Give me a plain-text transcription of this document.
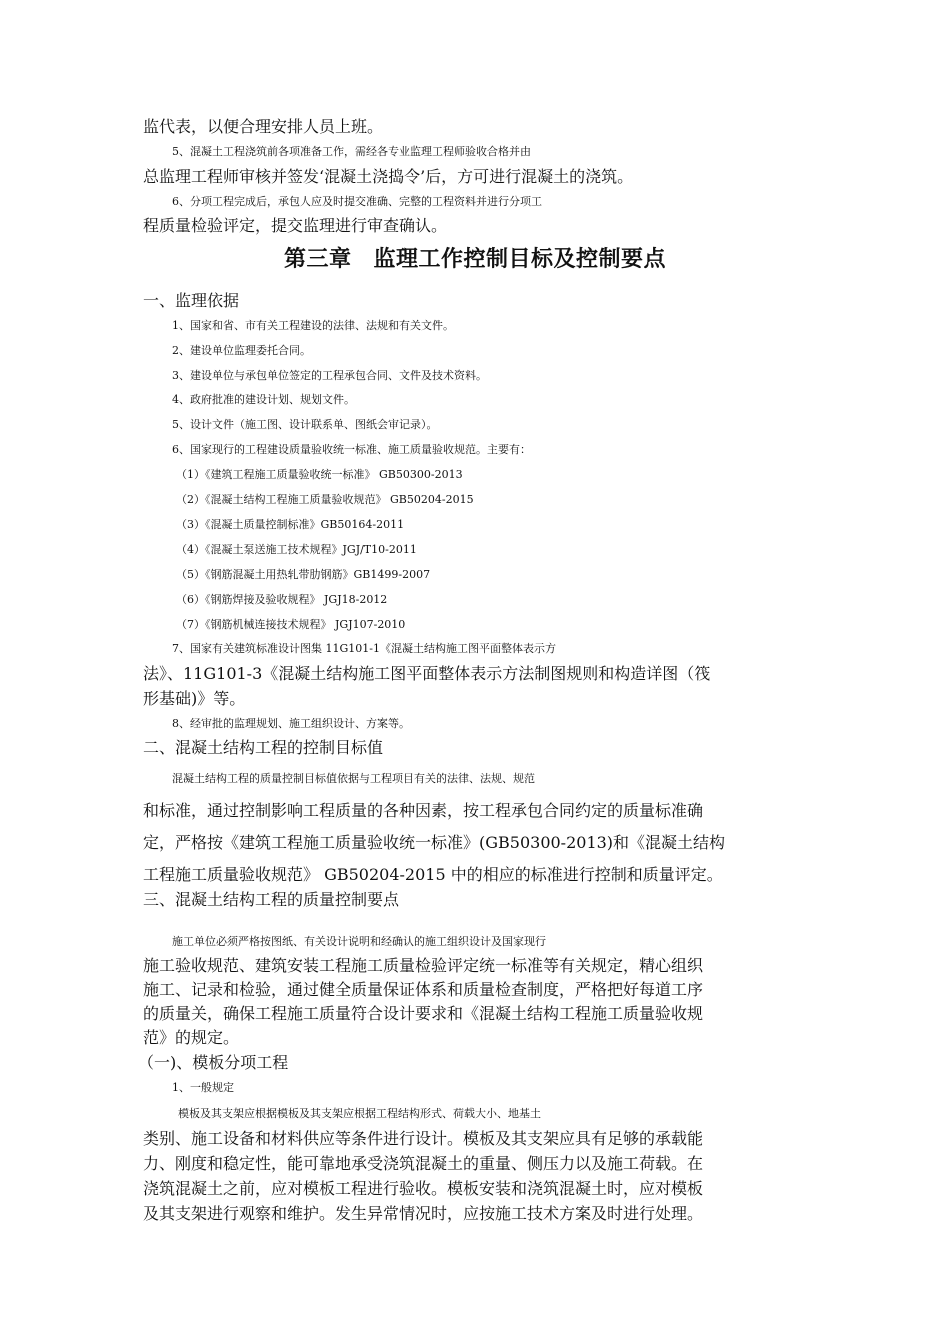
监代表，以便合理安排人员上班。
5、混凝土工程浇筑前各项准备工作，需经各专业监理工程师验收合格并由
总监理工程师审核并签发‘混凝土浇捣令’后，方可进行混凝土的浇筑。
6、分项工程完成后，承包人应及时提交准确、完整的工程资料并进行分项工
程质量检验评定，提交监理进行审查确认。
第三章 监理工作控制目标及控制要点
一、监理依据
1、国家和省、市有关工程建设的法律、法规和有关文件。
2、建设单位监理委托合同。
3、建设单位与承包单位签定的工程承包合同、文件及技术资料。
4、政府批准的建设计划、规划文件。
5、设计文件（施工图、设计联系单、图纸会审记录）。
6、国家现行的工程建设质量验收统一标准、施工质量验收规范。主要有：
（1）《建筑工程施工质量验收统一标准》 GB50300-2013
（2）《混凝土结构工程施工质量验收规范》 GB50204-2015
（3）《混凝土质量控制标准》GB50164-2011
（4）《混凝土泵送施工技术规程》JGJ/T10-2011
（5）《钢筋混凝土用热轧带肋钢筋》GB1499-2007
（6）《钢筋焊接及验收规程》 JGJ18-2012
（7）《钢筋机械连接技术规程》 JGJ107-2010
7、国家有关建筑标准设计图集 11G101-1《混凝土结构施工图平面整体表示方
法》、11G101-3《混凝土结构施工图平面整体表示方法制图规则和构造详图（筏
形基础)》等。
8、经审批的监理规划、施工组织设计、方案等。
二、混凝土结构工程的控制目标值
混凝土结构工程的质量控制目标值依据与工程项目有关的法律、法规、规范
和标准，通过控制影响工程质量的各种因素，按工程承包合同约定的质量标准确
定，严格按《建筑工程施工质量验收统一标准》(GB50300-2013)和《混凝土结构
工程施工质量验收规范》 GB50204-2015 中的相应的标准进行控制和质量评定。
三、混凝土结构工程的质量控制要点
施工单位必须严格按图纸、有关设计说明和经确认的施工组织设计及国家现行
施工验收规范、建筑安装工程施工质量检验评定统一标准等有关规定，精心组织
施工、记录和检验，通过健全质量保证体系和质量检查制度，严格把好每道工序
的质量关，确保工程施工质量符合设计要求和《混凝土结构工程施工质量验收规
范》的规定。
（一)、模板分项工程
1、一般规定
模板及其支架应根据模板及其支架应根据工程结构形式、荷载大小、地基土
类别、施工设备和材料供应等条件进行设计。模板及其支架应具有足够的承载能
力、刚度和稳定性，能可靠地承受浇筑混凝土的重量、侧压力以及施工荷载。在
浇筑混凝土之前，应对模板工程进行验收。模板安装和浇筑混凝土时，应对模板
及其支架进行观察和维护。发生异常情况时，应按施工技术方案及时进行处理。
